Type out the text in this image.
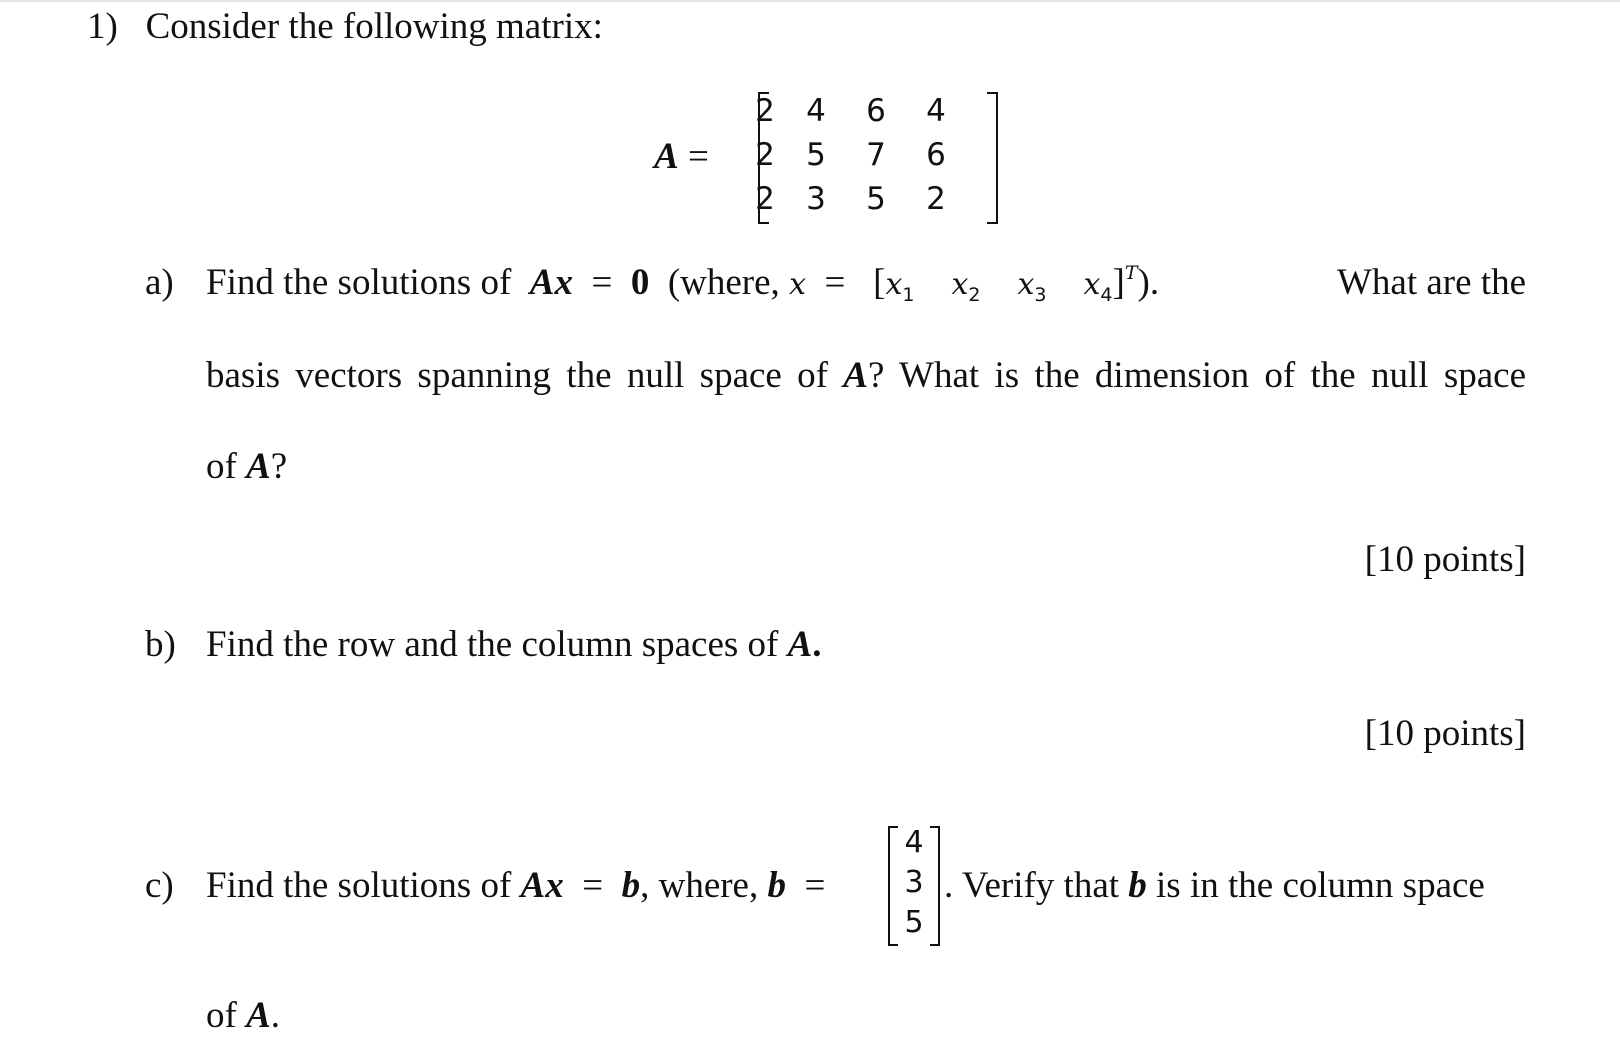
1) Consider the following matrix:
A =
2 4 6 4
2 5 7 6
2 3 5 2
a) Find the solutions of Ax = 0 (where, $x = [x_1$ $x_2$ $x_3$ $x_4]^T$).	What are the
basis vectors spanning the null space of A? What is the dimension of the null space
of A?
[10 points]
b) Find the row and the column spaces of A.
[10 points]
c) Find the solutions of Ax = b, where, b =
4
3
5
. Verify that b is in the column space
of A.
